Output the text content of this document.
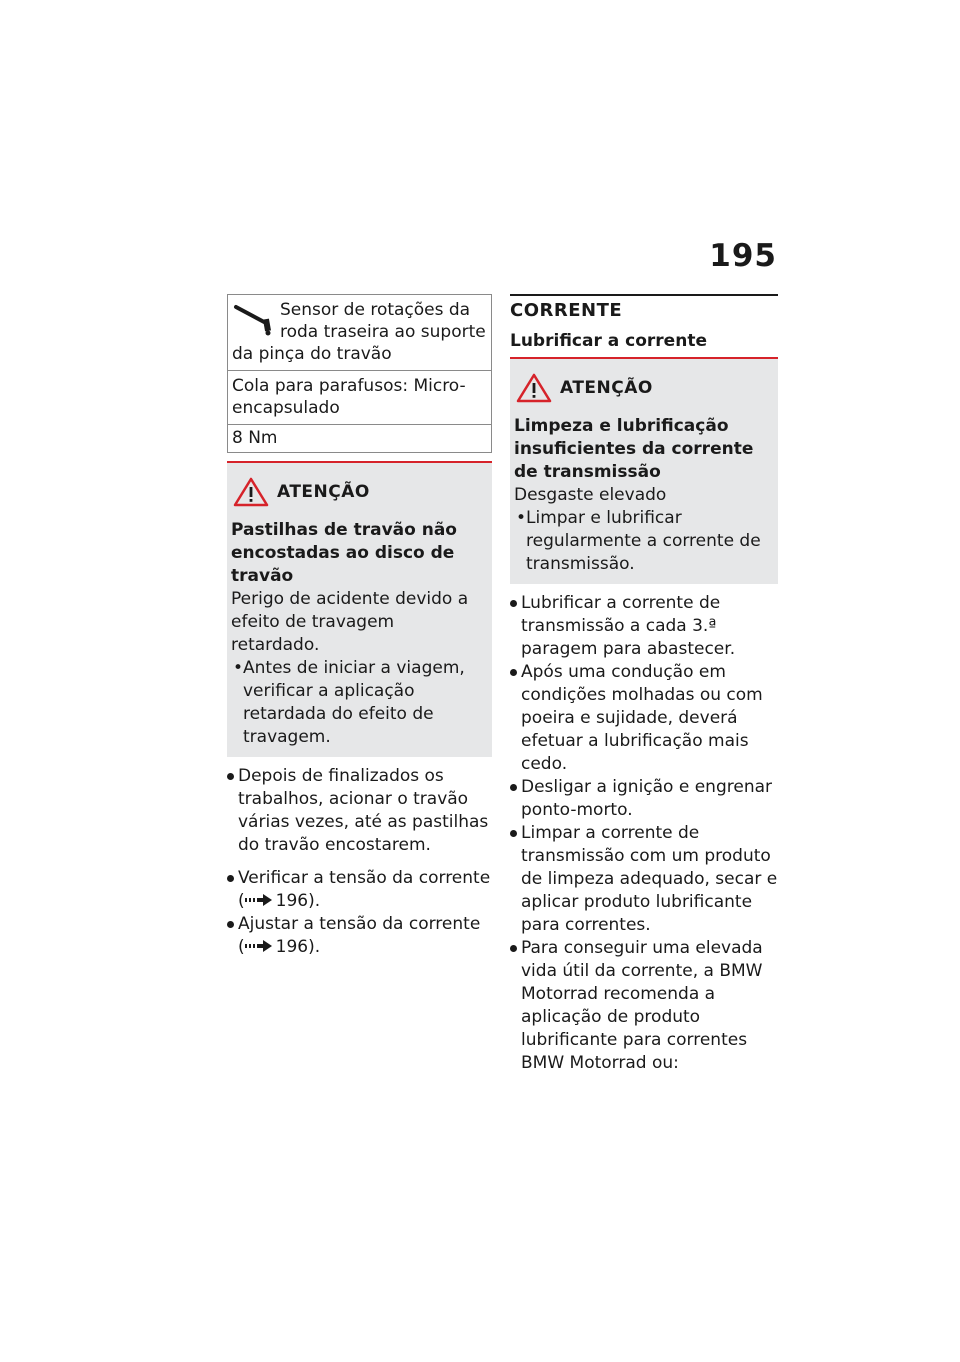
195
Sensor de rotações da roda traseira ao suporte da pinça do travão
Cola para parafusos: Micro-encapsulado
8 Nm
ATENÇÃO
Pastilhas de travão não encostadas ao disco de travão
Perigo de acidente devido a efeito de travagem retardado.
•Antes de iniciar a viagem, verificar a aplicação retardada do efeito de travagem.
Depois de finalizados os trabalhos, acionar o travão várias vezes, até as pastilhas do travão encostarem.
Verificar a tensão da corrente
( 196).
Ajustar a tensão da corrente
( 196).
CORRENTE
Lubrificar a corrente
ATENÇÃO
Limpeza e lubrificação insuficientes da corrente de transmissão
Desgaste elevado
•Limpar e lubrificar regularmente a corrente de transmissão.
Lubrificar a corrente de transmissão a cada 3.ª paragem para abastecer.
Após uma condução em condições molhadas ou com poeira e sujidade, deverá efetuar a lubrificação mais cedo.
Desligar a ignição e engrenar ponto-morto.
Limpar a corrente de transmissão com um produto de limpeza adequado, secar e aplicar produto lubrificante para correntes.
Para conseguir uma elevada vida útil da corrente, a BMW Motorrad recomenda a aplicação de produto lubrificante para correntes BMW Motorrad ou:
